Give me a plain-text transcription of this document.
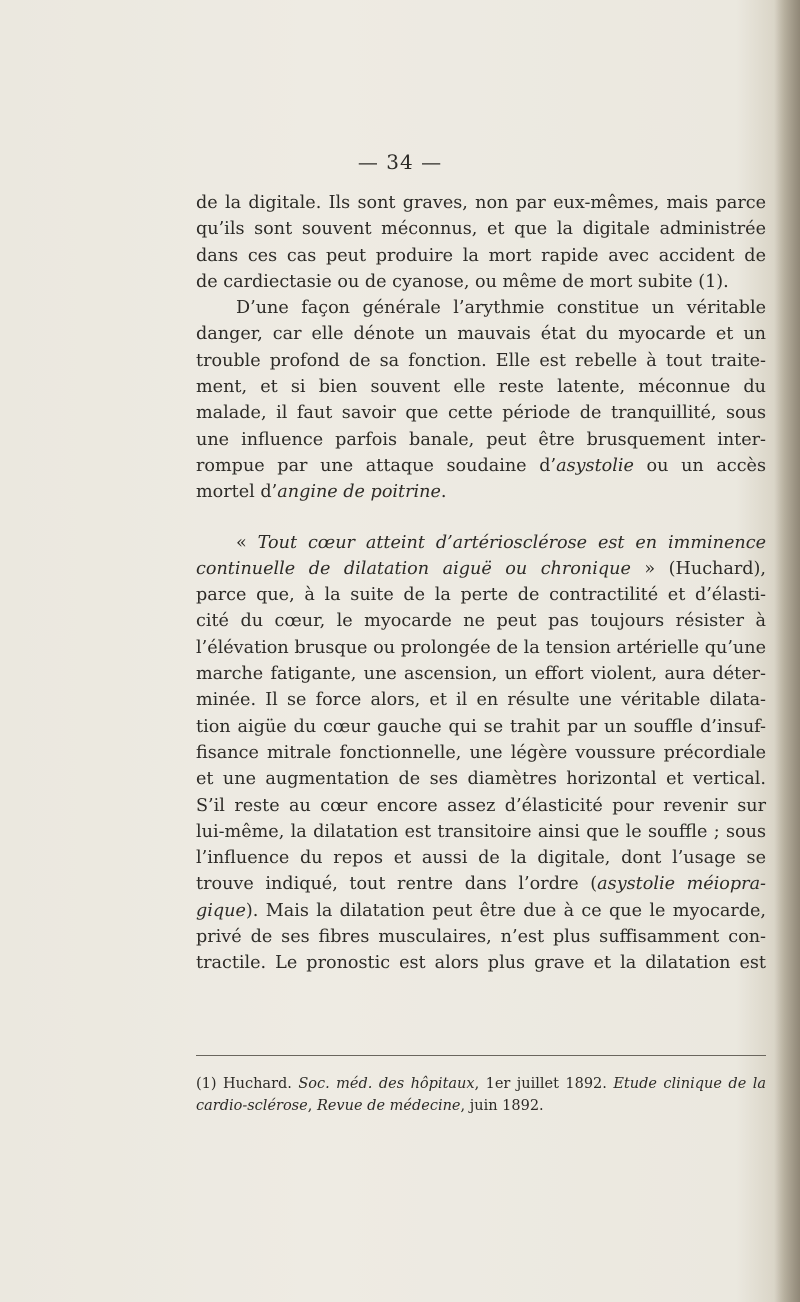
— 34 —

de la digitale. Ils sont graves, non par eux-mêmes, mais parce
qu’ils sont souvent méconnus, et que la digitale administrée
dans ces cas peut produire la mort rapide avec accident de
de cardiectasie ou de cyanose, ou même de mort subite (1).

D’une façon générale l’arythmie constitue un véritable
danger, car elle dénote un mauvais état du myocarde et un
trouble profond de sa fonction. Elle est rebelle à tout traite-
ment, et si bien souvent elle reste latente, méconnue du
malade, il faut savoir que cette période de tranquillité, sous
une influence parfois banale, peut être brusquement inter-
rompue par une attaque soudaine d’asystolie ou un accès
mortel d’angine de poitrine.

« Tout cœur atteint d’artériosclérose est en imminence
continuelle de dilatation aiguë ou chronique » (Huchard),
parce que, à la suite de la perte de contractilité et d’élasti-
cité du cœur, le myocarde ne peut pas toujours résister à
l’élévation brusque ou prolongée de la tension artérielle qu’une
marche fatigante, une ascension, un effort violent, aura déter-
minée. Il se force alors, et il en résulte une véritable dilata-
tion aigüe du cœur gauche qui se trahit par un souffle d’insuf-
fisance mitrale fonctionnelle, une légère voussure précordiale
et une augmentation de ses diamètres horizontal et vertical.
S’il reste au cœur encore assez d’élasticité pour revenir sur
lui-même, la dilatation est transitoire ainsi que le souffle ; sous
l’influence du repos et aussi de la digitale, dont l’usage se
trouve indiqué, tout rentre dans l’ordre (asystolie méiopra-
gique). Mais la dilatation peut être due à ce que le myocarde,
privé de ses fibres musculaires, n’est plus suffisamment con-
tractile. Le pronostic est alors plus grave et la dilatation est

(1) Huchard. Soc. méd. des hôpitaux, 1er juillet 1892. Etude clinique de la
cardio-sclérose, Revue de médecine, juin 1892.
